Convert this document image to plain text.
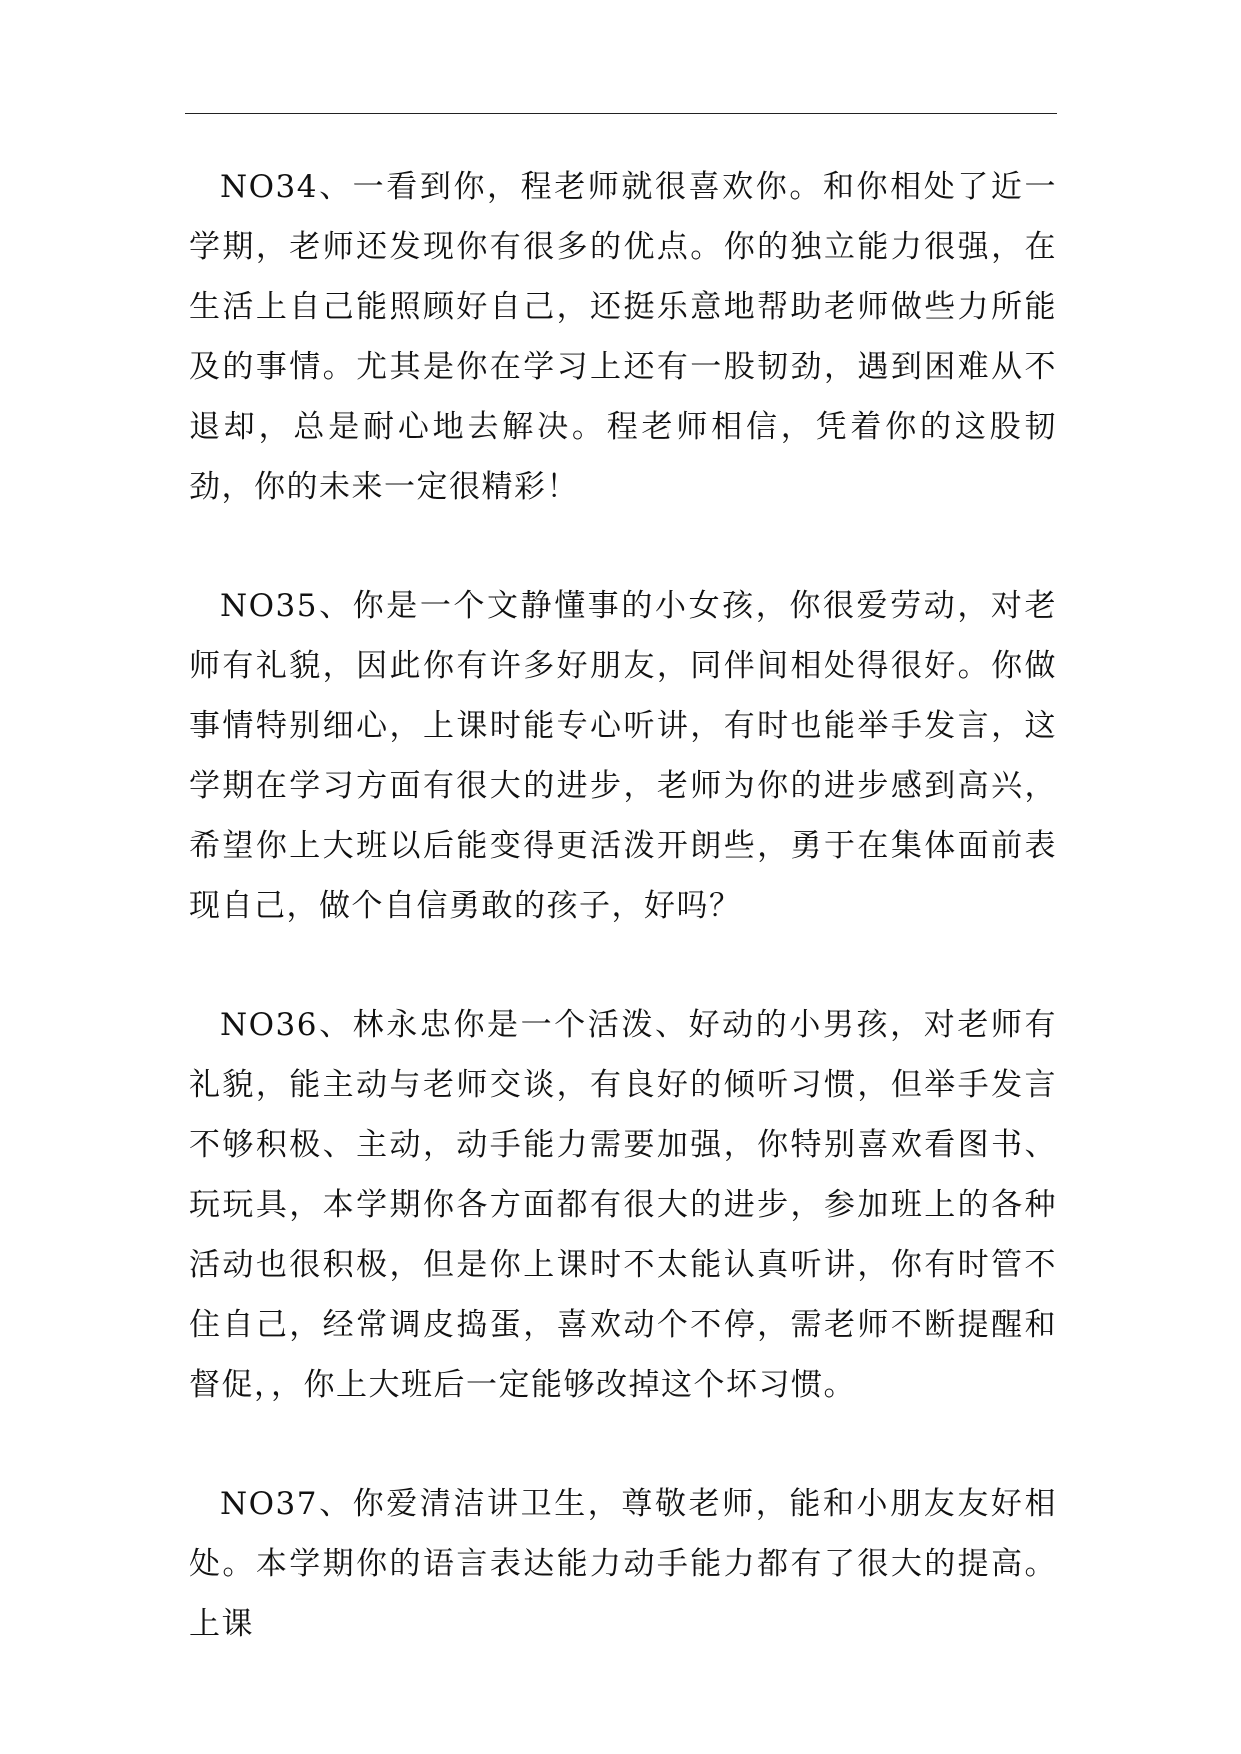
NO34、一看到你，程老师就很喜欢你。和你相处了近一学期，老师还发现你有很多的优点。你的独立能力很强，在生活上自己能照顾好自己，还挺乐意地帮助老师做些力所能及的事情。尤其是你在学习上还有一股韧劲，遇到困难从不退却，总是耐心地去解决。程老师相信，凭着你的这股韧劲，你的未来一定很精彩！

NO35、你是一个文静懂事的小女孩，你很爱劳动，对老师有礼貌，因此你有许多好朋友，同伴间相处得很好。你做事情特别细心，上课时能专心听讲，有时也能举手发言，这学期在学习方面有很大的进步，老师为你的进步感到高兴，希望你上大班以后能变得更活泼开朗些，勇于在集体面前表现自己，做个自信勇敢的孩子，好吗？

NO36、林永忠你是一个活泼、好动的小男孩，对老师有礼貌，能主动与老师交谈，有良好的倾听习惯，但举手发言不够积极、主动，动手能力需要加强，你特别喜欢看图书、玩玩具，本学期你各方面都有很大的进步，参加班上的各种活动也很积极，但是你上课时不太能认真听讲，你有时管不住自己，经常调皮捣蛋，喜欢动个不停，需老师不断提醒和督促，，你上大班后一定能够改掉这个坏习惯。

NO37、你爱清洁讲卫生，尊敬老师，能和小朋友友好相处。本学期你的语言表达能力动手能力都有了很大的提高。上课
